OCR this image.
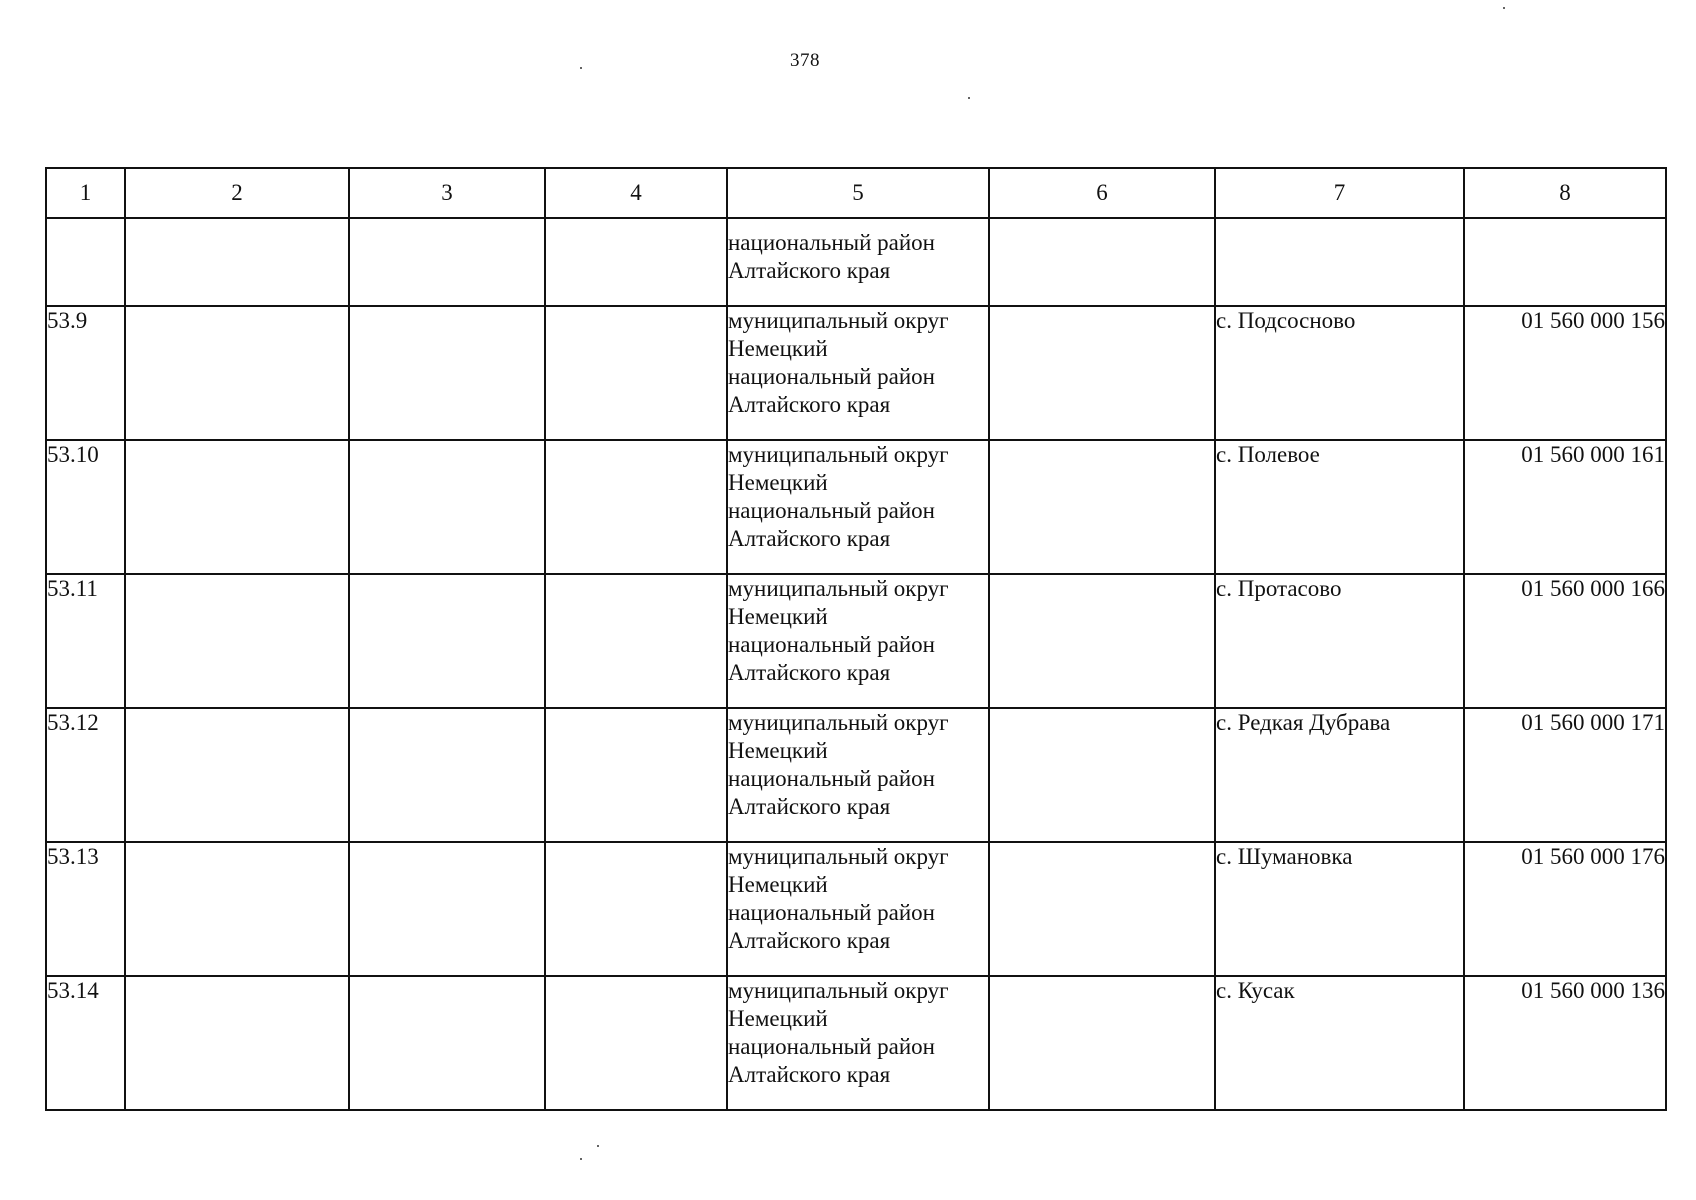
378
1	2	3	4	5	6	7	8

				национальный район
Алтайского края			

53.9				муниципальный округ
Немецкий
национальный район
Алтайского края		с. Подсосново	01 560 000 156
53.10				муниципальный округ
Немецкий
национальный район
Алтайского края		с. Полевое	01 560 000 161
53.11				муниципальный округ
Немецкий
национальный район
Алтайского края		с. Протасово	01 560 000 166
53.12				муниципальный округ
Немецкий
национальный район
Алтайского края		с. Редкая Дубрава	01 560 000 171
53.13				муниципальный округ
Немецкий
национальный район
Алтайского края		с. Шумановка	01 560 000 176
53.14				муниципальный округ
Немецкий
национальный район
Алтайского края		с. Кусак	01 560 000 136
